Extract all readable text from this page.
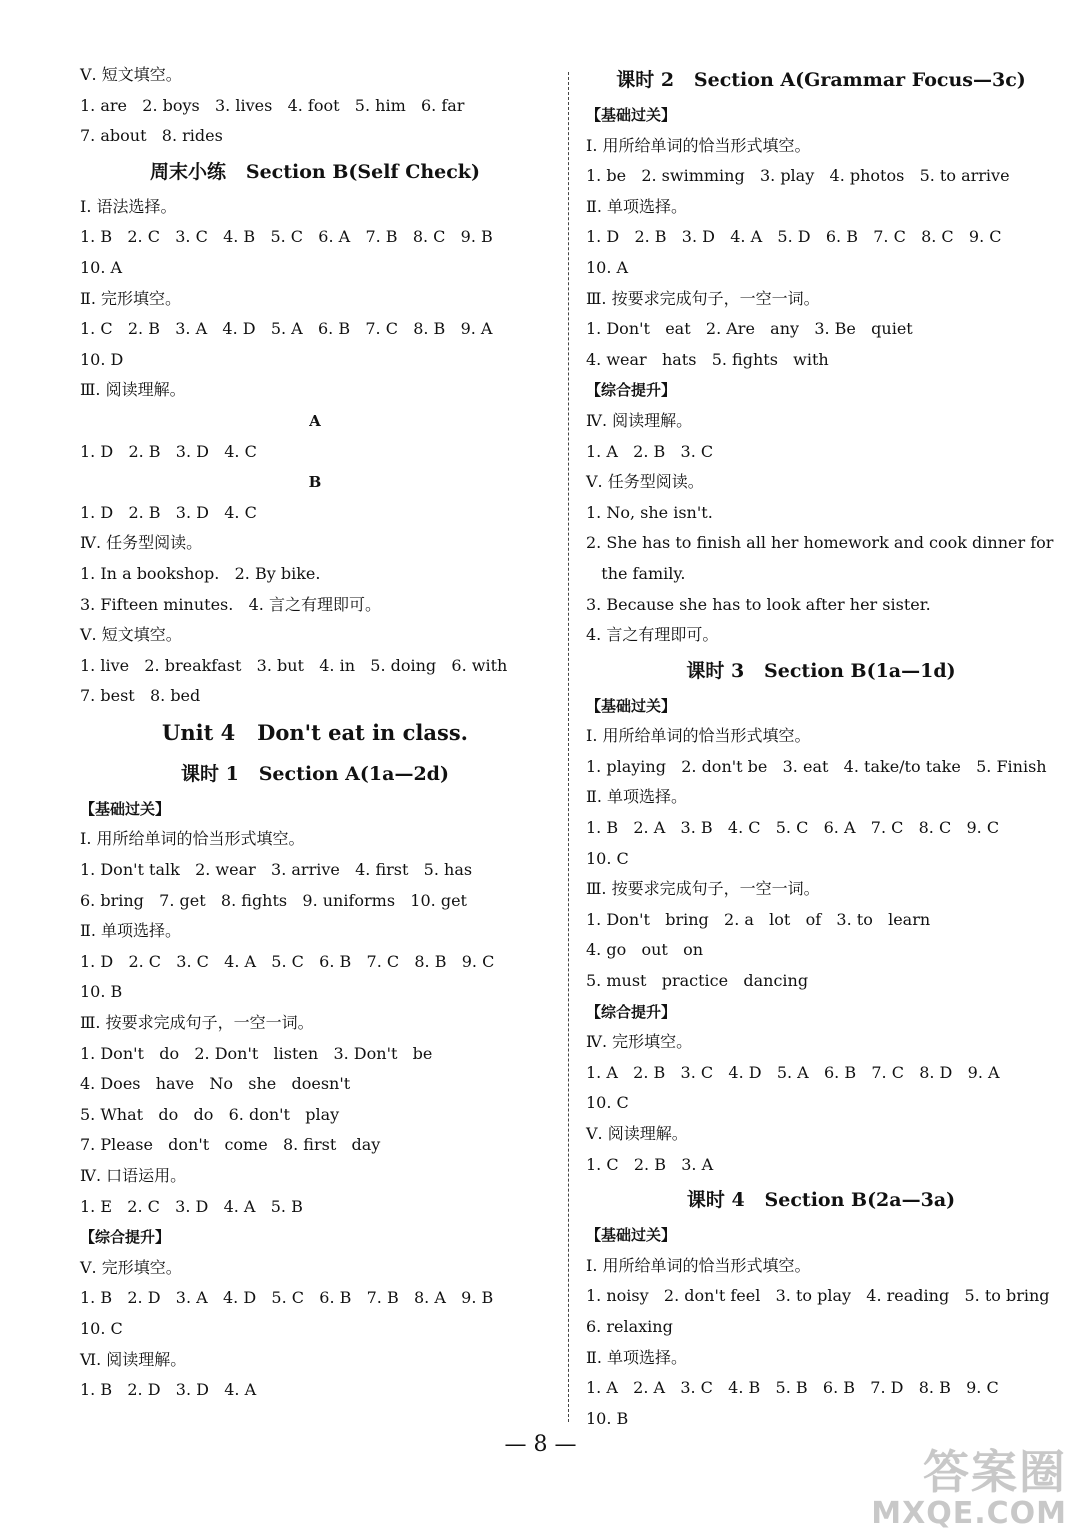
Ⅴ. 短文填空。
1. are   2. boys   3. lives   4. foot   5. him   6. far
7. about   8. rides
周末小练   Section B(Self Check)
Ⅰ. 语法选择。
1. B   2. C   3. C   4. B   5. C   6. A   7. B   8. C   9. B
10. A
Ⅱ. 完形填空。
1. C   2. B   3. A   4. D   5. A   6. B   7. C   8. B   9. A
10. D
Ⅲ. 阅读理解。
A
1. D   2. B   3. D   4. C
B
1. D   2. B   3. D   4. C
Ⅳ. 任务型阅读。
1. In a bookshop.   2. By bike.
3. Fifteen minutes.   4. 言之有理即可。
Ⅴ. 短文填空。
1. live   2. breakfast   3. but   4. in   5. doing   6. with
7. best   8. bed
Unit 4   Don't eat in class.
课时 1   Section A(1a—2d)
【基础过关】
Ⅰ. 用所给单词的恰当形式填空。
1. Don't talk   2. wear   3. arrive   4. first   5. has
6. bring   7. get   8. fights   9. uniforms   10. get
Ⅱ. 单项选择。
1. D   2. C   3. C   4. A   5. C   6. B   7. C   8. B   9. C
10. B
Ⅲ. 按要求完成句子，一空一词。
1. Don't   do   2. Don't   listen   3. Don't   be
4. Does   have   No   she   doesn't
5. What   do   do   6. don't   play
7. Please   don't   come   8. first   day
Ⅳ. 口语运用。
1. E   2. C   3. D   4. A   5. B
【综合提升】
Ⅴ. 完形填空。
1. B   2. D   3. A   4. D   5. C   6. B   7. B   8. A   9. B
10. C
Ⅵ. 阅读理解。
1. B   2. D   3. D   4. A
课时 2   Section A(Grammar Focus—3c)
【基础过关】
Ⅰ. 用所给单词的恰当形式填空。
1. be   2. swimming   3. play   4. photos   5. to arrive
Ⅱ. 单项选择。
1. D   2. B   3. D   4. A   5. D   6. B   7. C   8. C   9. C
10. A
Ⅲ. 按要求完成句子，一空一词。
1. Don't   eat   2. Are   any   3. Be   quiet
4. wear   hats   5. fights   with
【综合提升】
Ⅳ. 阅读理解。
1. A   2. B   3. C
Ⅴ. 任务型阅读。
1. No, she isn't.
2. She has to finish all her homework and cook dinner for
the family.
3. Because she has to look after her sister.
4. 言之有理即可。
课时 3   Section B(1a—1d)
【基础过关】
Ⅰ. 用所给单词的恰当形式填空。
1. playing   2. don't be   3. eat   4. take/to take   5. Finish
Ⅱ. 单项选择。
1. B   2. A   3. B   4. C   5. C   6. A   7. C   8. C   9. C
10. C
Ⅲ. 按要求完成句子，一空一词。
1. Don't   bring   2. a   lot   of   3. to   learn
4. go   out   on
5. must   practice   dancing
【综合提升】
Ⅳ. 完形填空。
1. A   2. B   3. C   4. D   5. A   6. B   7. C   8. D   9. A
10. C
Ⅴ. 阅读理解。
1. C   2. B   3. A
课时 4   Section B(2a—3a)
【基础过关】
Ⅰ. 用所给单词的恰当形式填空。
1. noisy   2. don't feel   3. to play   4. reading   5. to bring
6. relaxing
Ⅱ. 单项选择。
1. A   2. A   3. C   4. B   5. B   6. B   7. D   8. B   9. C
10. B
— 8 —
答案圈
MXQE.COM
